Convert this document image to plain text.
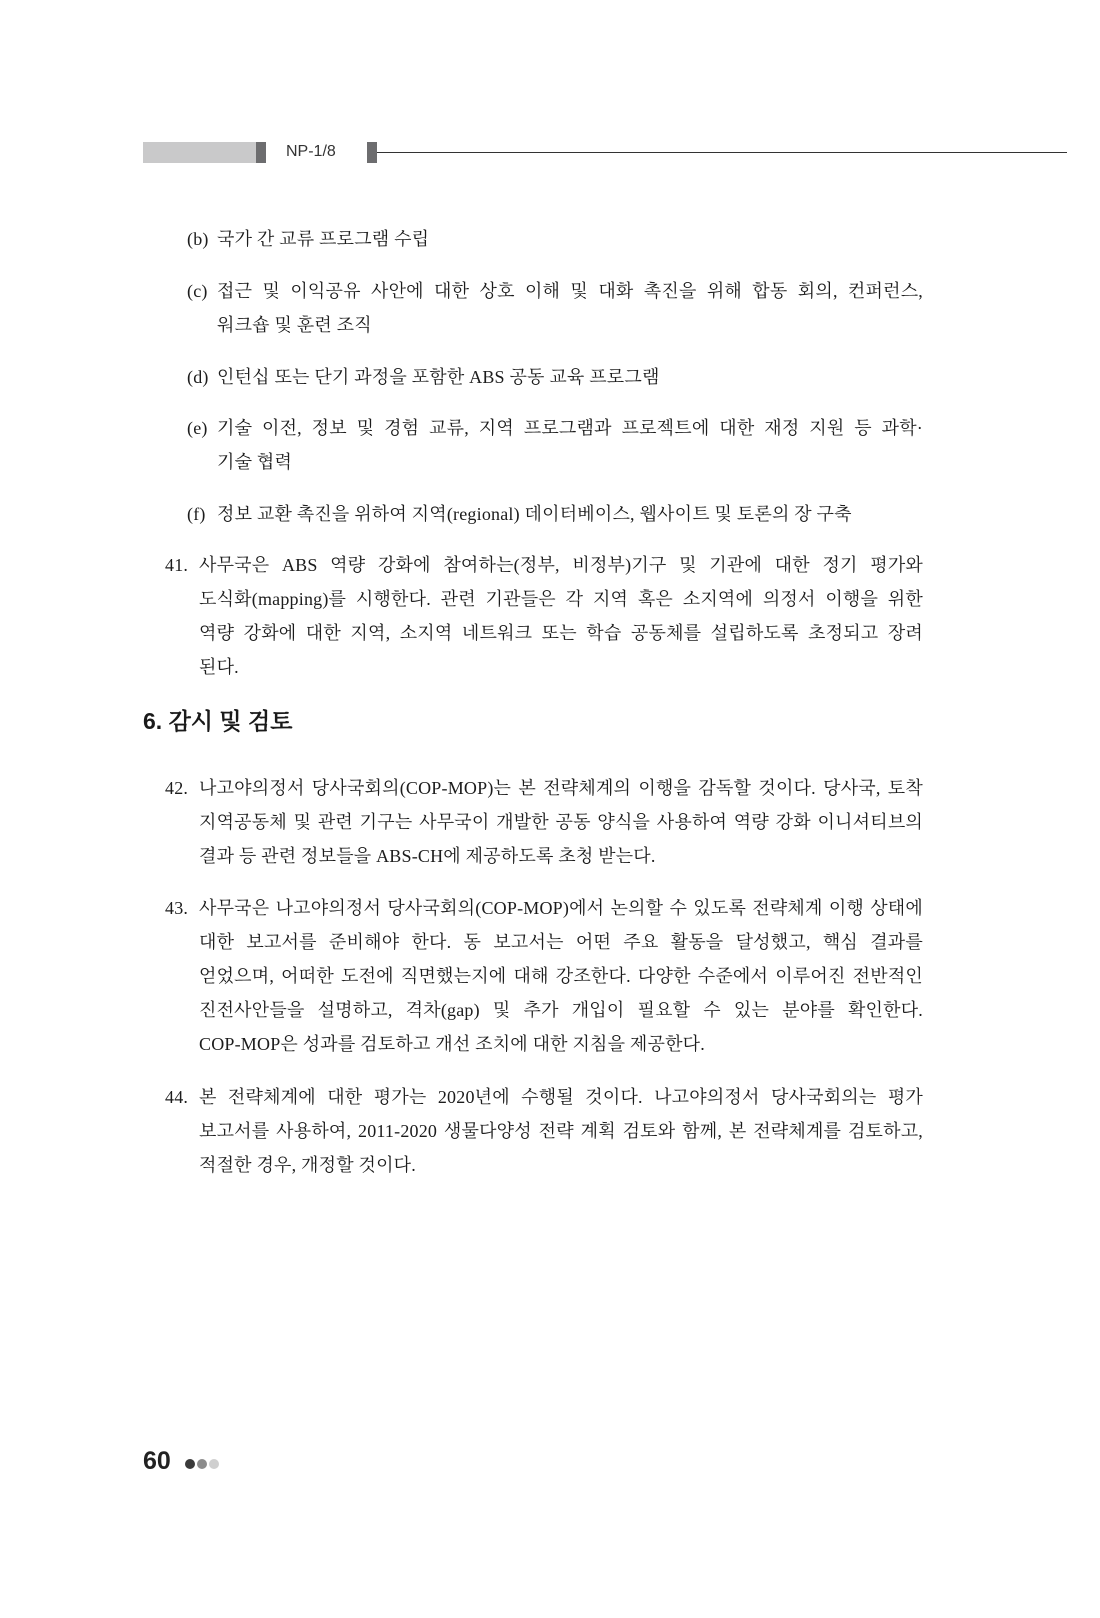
NP-1/8
(b) 국가 간 교류 프로그램 수립
(c) 접근 및 이익공유 사안에 대한 상호 이해 및 대화 촉진을 위해 합동 회의, 컨퍼런스,
워크숍 및 훈련 조직
(d) 인턴십 또는 단기 과정을 포함한 ABS 공동 교육 프로그램
(e) 기술 이전, 정보 및 경험 교류, 지역 프로그램과 프로젝트에 대한 재정 지원 등 과학·
기술 협력
(f) 정보 교환 촉진을 위하여 지역(regional) 데이터베이스, 웹사이트 및 토론의 장 구축
41. 사무국은 ABS 역량 강화에 참여하는(정부, 비정부)기구 및 기관에 대한 정기 평가와
도식화(mapping)를 시행한다. 관련 기관들은 각 지역 혹은 소지역에 의정서 이행을 위한
역량 강화에 대한 지역, 소지역 네트워크 또는 학습 공동체를 설립하도록 초정되고 장려
된다.
6. 감시 및 검토
42. 나고야의정서 당사국회의(COP-MOP)는 본 전략체계의 이행을 감독할 것이다. 당사국, 토착
지역공동체 및 관련 기구는 사무국이 개발한 공동 양식을 사용하여 역량 강화 이니셔티브의
결과 등 관련 정보들을 ABS-CH에 제공하도록 초청 받는다.
43. 사무국은 나고야의정서 당사국회의(COP-MOP)에서 논의할 수 있도록 전략체계 이행 상태에
대한 보고서를 준비해야 한다. 동 보고서는 어떤 주요 활동을 달성했고, 핵심 결과를
얻었으며, 어떠한 도전에 직면했는지에 대해 강조한다. 다양한 수준에서 이루어진 전반적인
진전사안들을 설명하고, 격차(gap) 및 추가 개입이 필요할 수 있는 분야를 확인한다.
COP-MOP은 성과를 검토하고 개선 조치에 대한 지침을 제공한다.
44. 본 전략체계에 대한 평가는 2020년에 수행될 것이다. 나고야의정서 당사국회의는 평가
보고서를 사용하여, 2011-2020 생물다양성 전략 계획 검토와 함께, 본 전략체계를 검토하고,
적절한 경우, 개정할 것이다.
60
